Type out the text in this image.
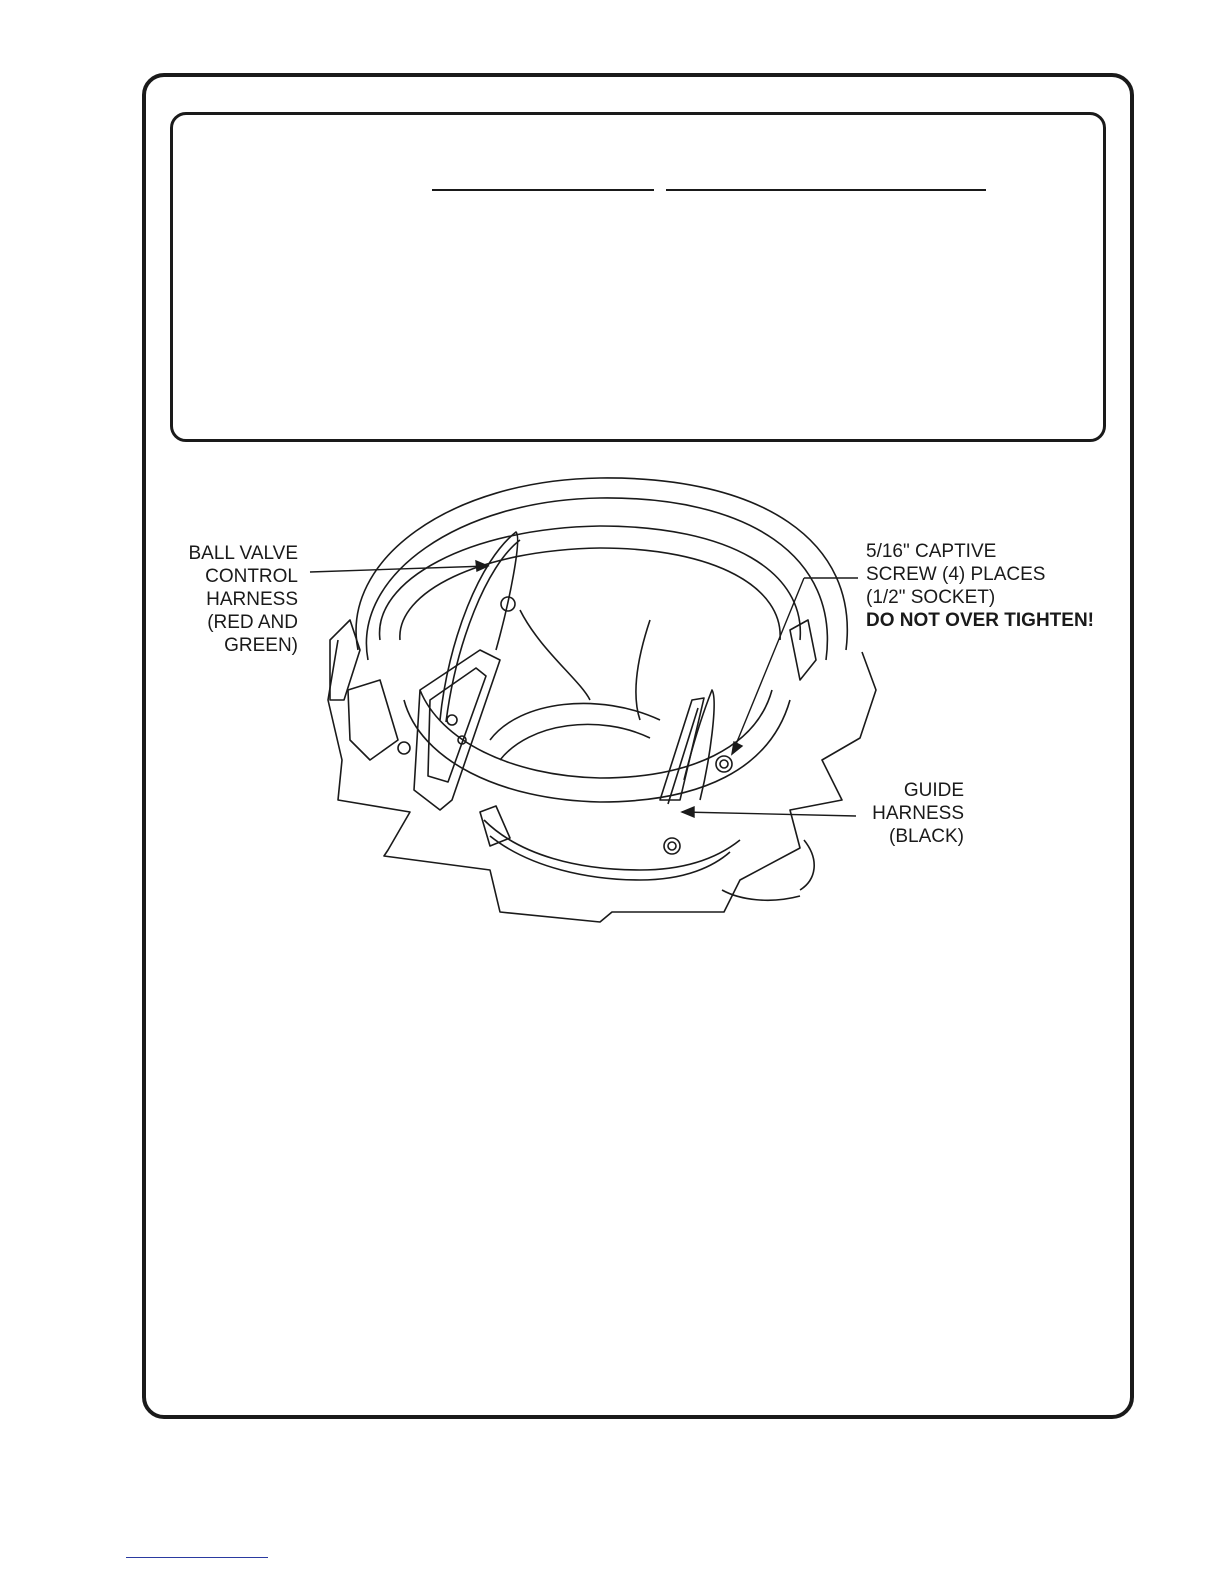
BALL VALVE
CONTROL
HARNESS
(RED AND
GREEN)
5/16" CAPTIVE
SCREW (4) PLACES
(1/2" SOCKET)
DO NOT OVER TIGHTEN!
GUIDE
HARNESS
(BLACK)
